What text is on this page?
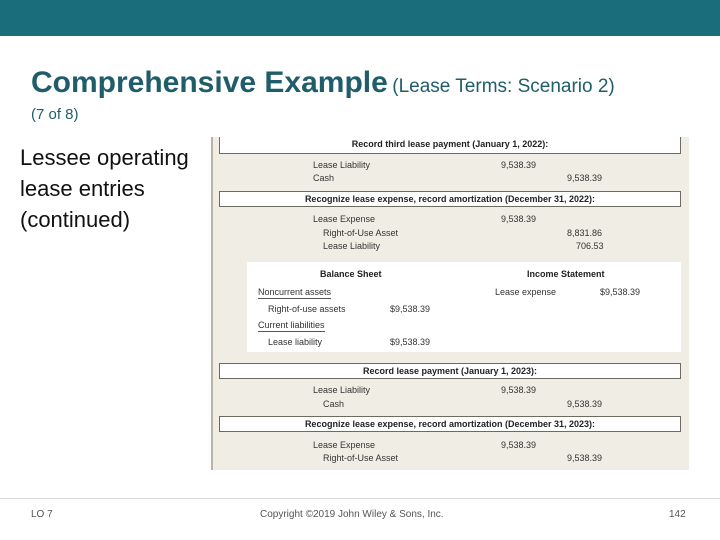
Comprehensive Example (Lease Terms: Scenario 2)
(7 of 8)
Lessee operating lease entries (continued)
Record third lease payment (January 1, 2022):
Lease Liability	9,538.39
Cash	9,538.39
Recognize lease expense, record amortization (December 31, 2022):
Lease Expense	9,538.39
Right-of-Use Asset	8,831.86
Lease Liability	706.53
Balance Sheet	Income Statement
Noncurrent assets	Lease expense	$9,538.39
Right-of-use assets	$9,538.39
Current liabilities
Lease liability	$9,538.39
Record lease payment (January 1, 2023):
Lease Liability	9,538.39
Cash	9,538.39
Recognize lease expense, record amortization (December 31, 2023):
Lease Expense	9,538.39
Right-of-Use Asset	9,538.39
LO 7	Copyright ©2019 John Wiley & Sons, Inc.	142
